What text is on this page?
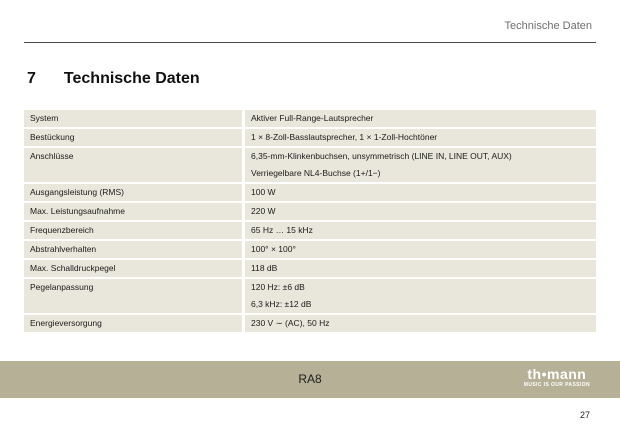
Technische Daten
7 Technische Daten
System	Aktiver Full-Range-Lautsprecher

Bestückung	1 × 8-Zoll-Basslautsprecher, 1 × 1-Zoll-Hochtöner

Anschlüsse	6,35-mm-Klinkenbuchsen, unsymmetrisch (LINE IN, LINE OUT, AUX)
Verriegelbare NL4-Buchse (1+/1−)

Ausgangsleistung (RMS)	100 W

Max. Leistungsaufnahme	220 W

Frequenzbereich	65 Hz … 15 kHz

Abstrahlverhalten	100° × 100°

Max. Schalldruckpegel	118 dB

Pegelanpassung	120 Hz: ±6 dB
6,3 kHz: ±12 dB

Energieversorgung	230 V ∼ (AC), 50 Hz
RA8	th•mann
MUSIC IS OUR PASSION
27
